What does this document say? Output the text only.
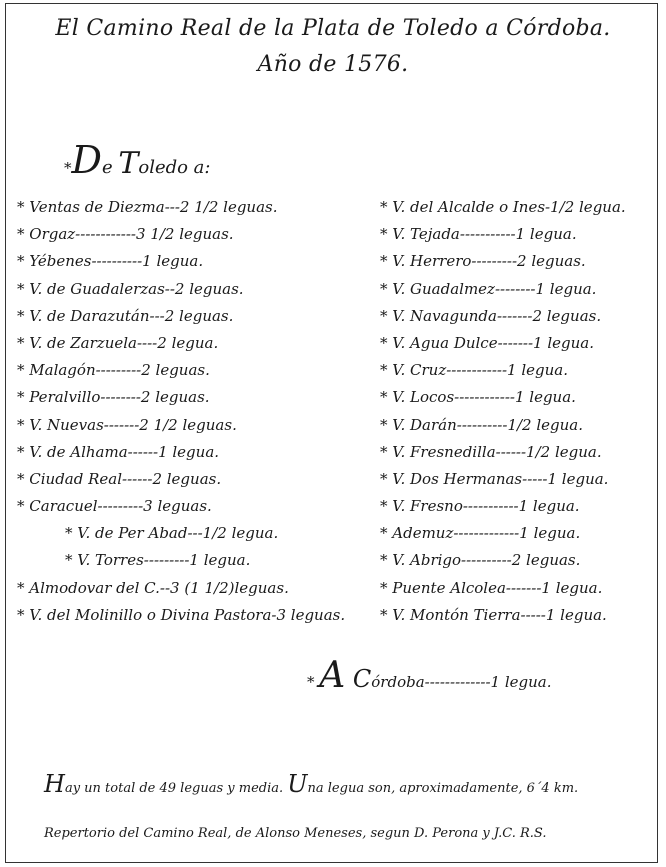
El Camino Real de la Plata de Toledo a Córdoba.
Año de 1576.
*De Toledo a:
* Ventas de Diezma---2 1/2 leguas.
* Orgaz------------3 1/2 leguas.
* Yébenes----------1 legua.
* V. de Guadalerzas--2 leguas.
* V. de Darazután---2 leguas.
* V. de Zarzuela----2 legua.
* Malagón---------2 leguas.
* Peralvillo--------2 leguas.
* V. Nuevas-------2 1/2 leguas.
* V. de Alhama------1 legua.
* Ciudad Real------2 leguas.
* Caracuel---------3 leguas.
* V. de Per Abad---1/2 legua.
* V. Torres---------1 legua.
* Almodovar del C.--3 (1 1/2)leguas.
* V. del Molinillo o Divina Pastora-3 leguas.
* V. del Alcalde o Ines-1/2 legua.
* V. Tejada-----------1 legua.
* V. Herrero---------2 leguas.
* V. Guadalmez--------1 legua.
* V. Navagunda-------2 leguas.
* V. Agua Dulce-------1 legua.
* V. Cruz------------1 legua.
* V. Locos------------1 legua.
* V. Darán----------1/2 legua.
* V. Fresnedilla------1/2 legua.
* V. Dos Hermanas-----1 legua.
* V. Fresno-----------1 legua.
* Ademuz-------------1 legua.
* V. Abrigo----------2 leguas.
* Puente Alcolea-------1 legua.
* V. Montón Tierra-----1 legua.
* A Córdoba-------------1 legua.
Hay un total de 49 leguas y media. Una legua son, aproximadamente, 6´4 km.
Repertorio del Camino Real, de Alonso Meneses, segun D. Perona y J.C. R.S.
